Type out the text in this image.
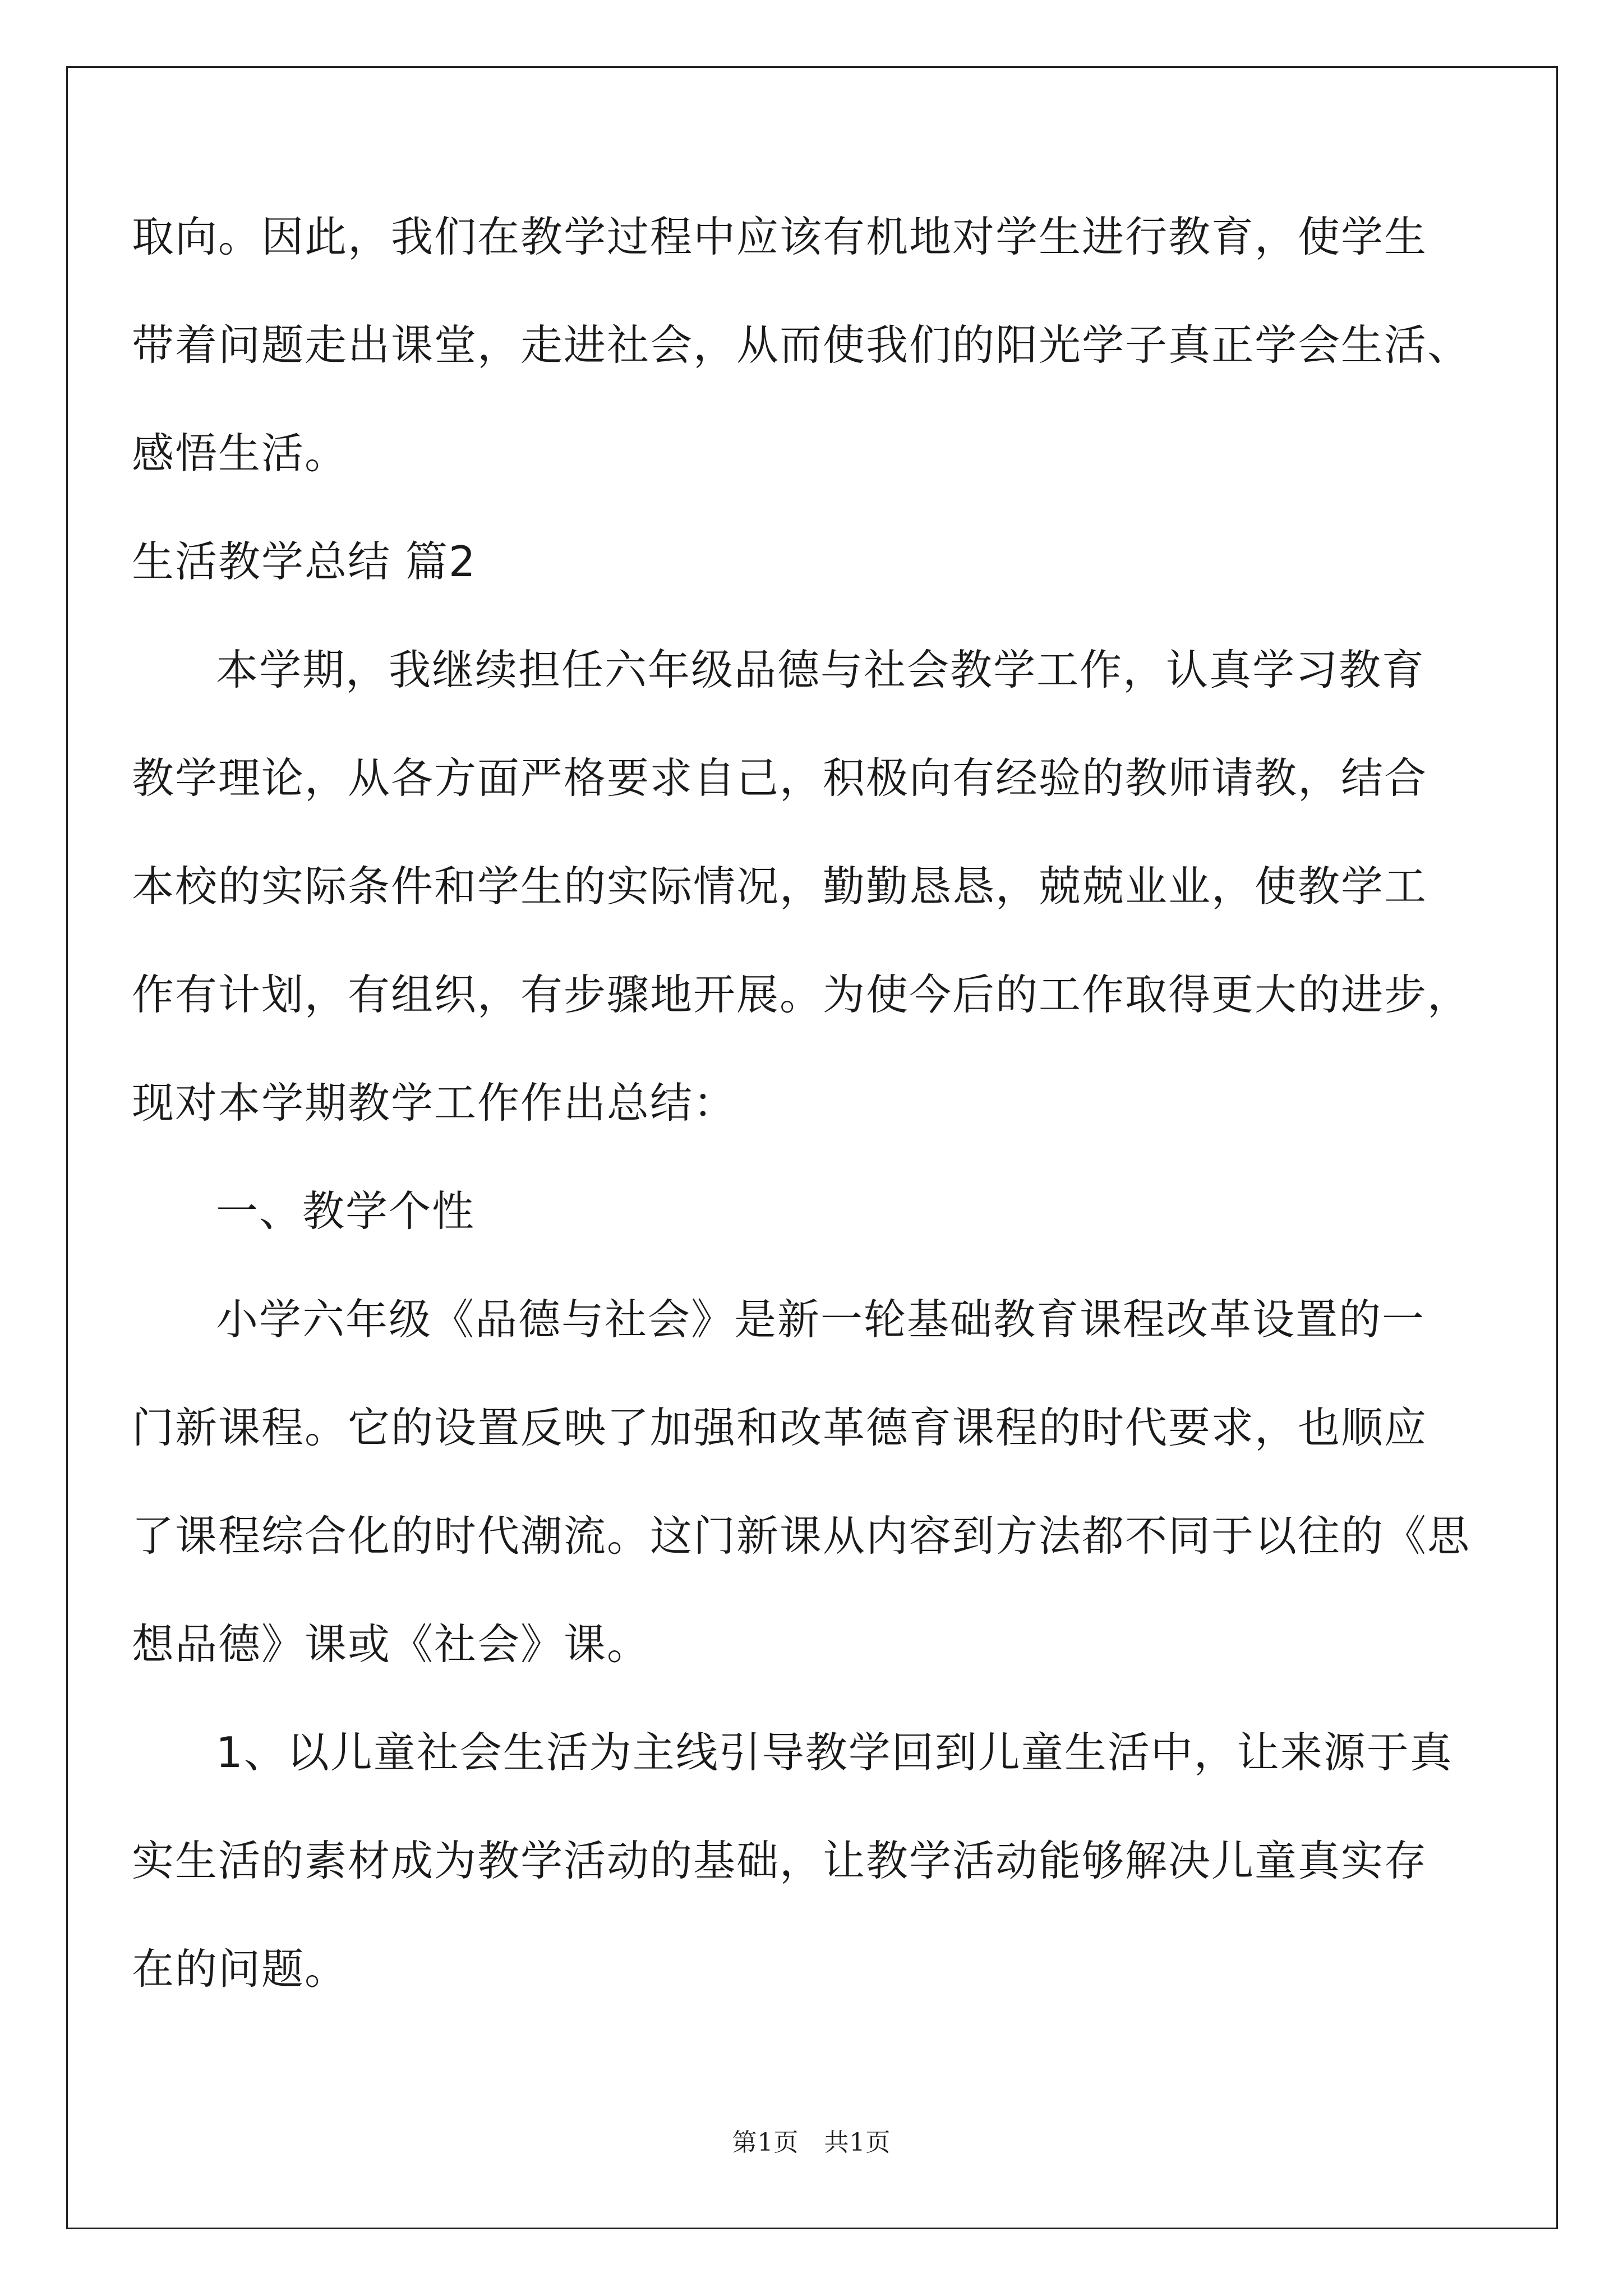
取向。因此，我们在教学过程中应该有机地对学生进行教育，使学生
带着问题走出课堂，走进社会，从而使我们的阳光学子真正学会生活、
感悟生活。
生活教学总结 篇2
本学期，我继续担任六年级品德与社会教学工作，认真学习教育
教学理论，从各方面严格要求自己，积极向有经验的教师请教，结合
本校的实际条件和学生的实际情况，勤勤恳恳，兢兢业业，使教学工
作有计划，有组织，有步骤地开展。为使今后的工作取得更大的进步，
现对本学期教学工作作出总结：
一、教学个性
小学六年级《品德与社会》是新一轮基础教育课程改革设置的一
门新课程。它的设置反映了加强和改革德育课程的时代要求，也顺应
了课程综合化的时代潮流。这门新课从内容到方法都不同于以往的《思
想品德》课或《社会》课。
1、以儿童社会生活为主线引导教学回到儿童生活中，让来源于真
实生活的素材成为教学活动的基础，让教学活动能够解决儿童真实存
在的问题。
第1页　共1页
